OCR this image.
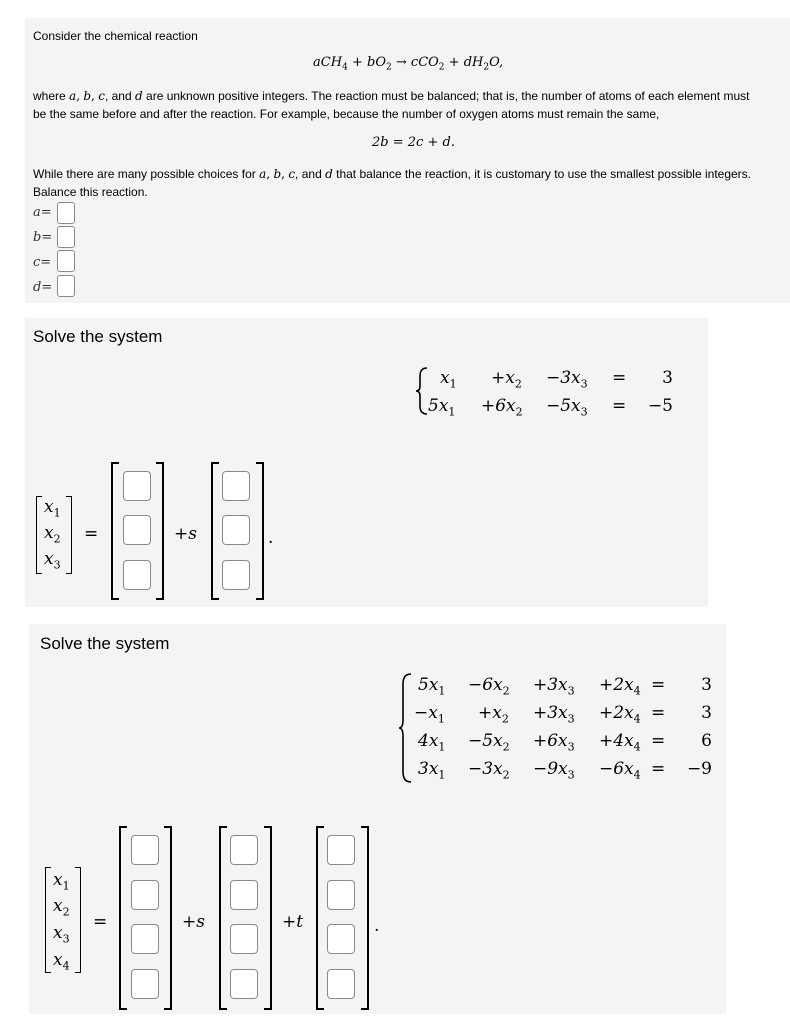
Consider the chemical reaction
$aCH_4 + bO_2 \to cCO_2 + dH_2O$,
where a, b, c, and d are unknown positive integers. The reaction must be balanced; that is, the number of atoms of each element must
be the same before and after the reaction. For example, because the number of oxygen atoms must remain the same,
2b = 2c + d.
While there are many possible choices for a, b, c, and d that balance the reaction, it is customary to use the smallest possible integers.
Balance this reaction.
a=
b=
c=
d=
Solve the system
$x_1 +x_2 -3x_3$ =	3
$5x_1 +6x_2 -5x_3$ =	−5
$x_1$
$x_2$
$x_3$
=	+s	.
Solve the system
$5x_1 -6x_2 +3x_3 +2x_4$ =	3
$-x_1 +x_2 +3x_3 +2x_4$ =	3
$4x_1 -5x_2 +6x_3 +4x_4$ =	6
$3x_1 -3x_2 -9x_3 -6x_4$ =	−9
$x_1$
$x_2$
$x_3$
$x_4$
=	+s	+t	.
